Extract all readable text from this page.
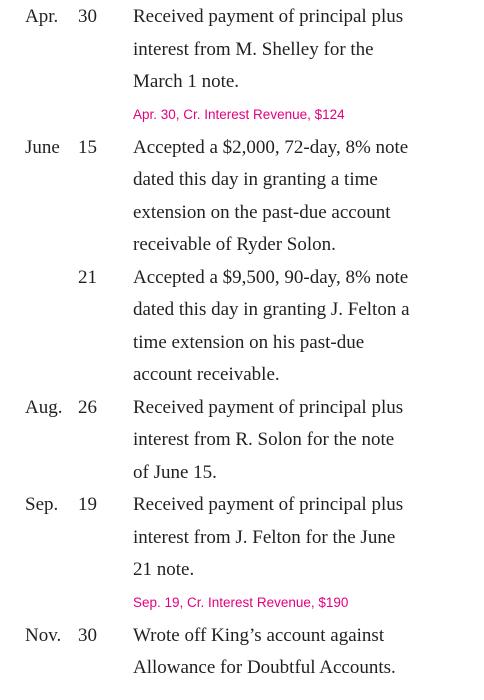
Apr. 30 Received payment of principal plus
interest from M. Shelley for the
March 1 note.
Apr. 30, Cr. Interest Revenue, $124
June 15 Accepted a $2,000, 72-day, 8% note
dated this day in granting a time
extension on the past-due account
receivable of Ryder Solon.
21 Accepted a $9,500, 90-day, 8% note
dated this day in granting J. Felton a
time extension on his past-due
account receivable.
Aug. 26 Received payment of principal plus
interest from R. Solon for the note
of June 15.
Sep. 19 Received payment of principal plus
interest from J. Felton for the June
21 note.
Sep. 19, Cr. Interest Revenue, $190
Nov. 30 Wrote off King’s account against
Allowance for Doubtful Accounts.
